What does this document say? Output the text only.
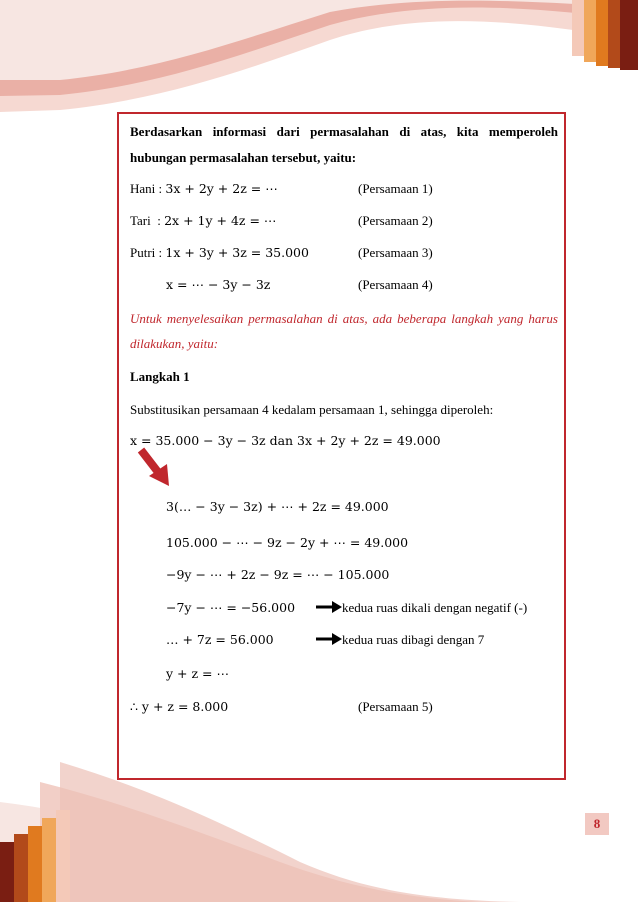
Berdasarkan informasi dari permasalahan di atas, kita memperoleh
hubungan permasalahan tersebut, yaitu:
Hani : 3x + 2y + 2z = ⋯	(Persamaan 1)
Tari  : 2x + 1y + 4z = ⋯	(Persamaan 2)
Putri : 1x + 3y + 3z = 35.000	(Persamaan 3)
x = ⋯ − 3y − 3z	(Persamaan 4)
Untuk menyelesaikan permasalahan di atas, ada beberapa langkah yang harus
dilakukan, yaitu:
Langkah 1
Substitusikan persamaan 4 kedalam persamaan 1, sehingga diperoleh:
x = 35.000 − 3y − 3z dan 3x + 2y + 2z = 49.000
3(… − 3y − 3z) + ⋯ + 2z = 49.000
105.000 − ⋯ − 9z − 2y + ⋯ = 49.000
−9y − ⋯ + 2z − 9z = ⋯ − 105.000
−7y − ⋯ = −56.000	kedua ruas dikali dengan negatif (-)
… + 7z = 56.000	kedua ruas dibagi dengan 7
y + z = ⋯
∴ y + z = 8.000	(Persamaan 5)
8
